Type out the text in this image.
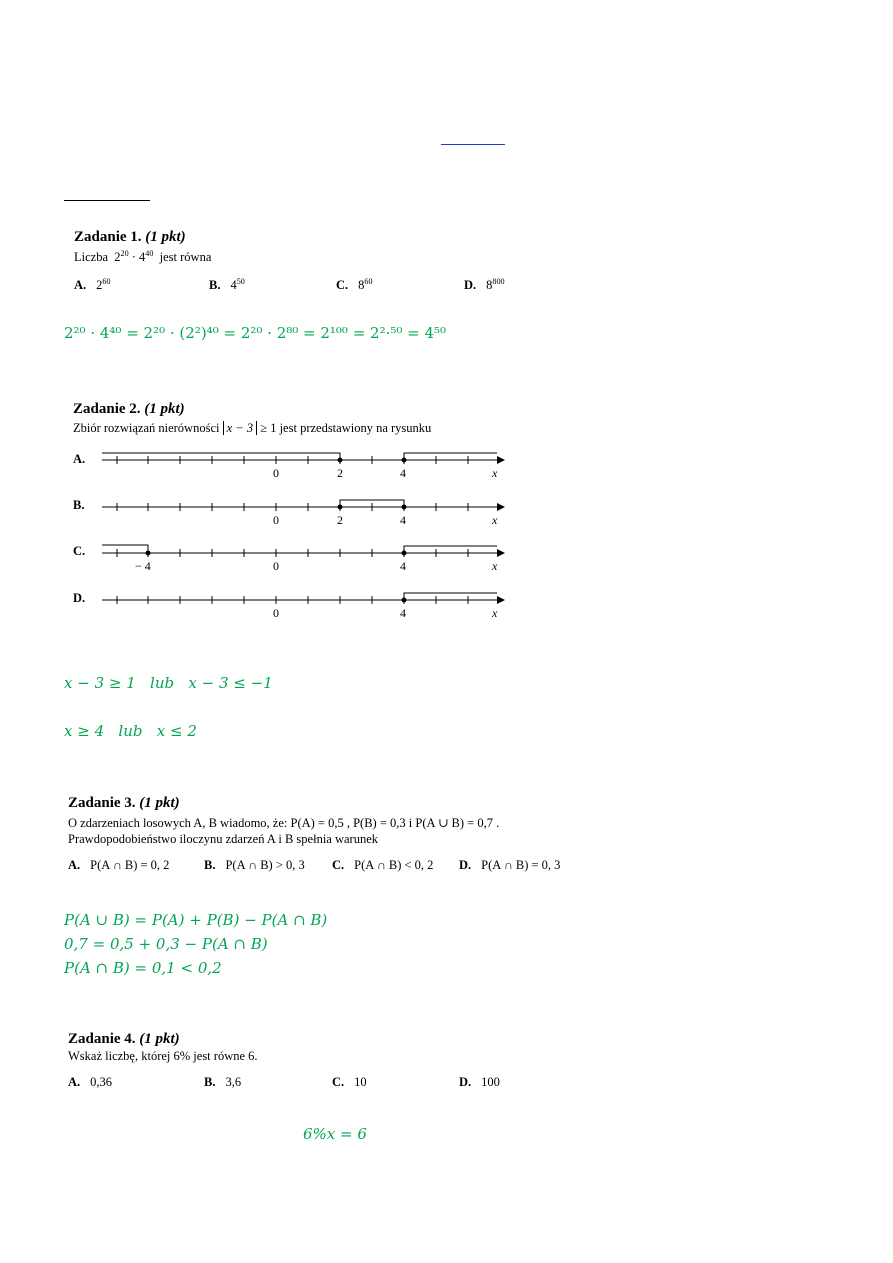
Zadanie 1. (1 pkt)
Liczba  $2^{20} \cdot 4^{40}$ jest równa
A. $2^{60}$	B. $4^{50}$	C. $8^{60}$	D. $8^{800}$
2²⁰ · 4⁴⁰ = 2²⁰ · (2²)⁴⁰ = 2²⁰ · 2⁸⁰ = 2¹⁰⁰ = 2²·⁵⁰ = 4⁵⁰
Zadanie 2. (1 pkt)
Zbiór rozwiązań nierówności x − 3 ≥ 1 jest przedstawiony na rysunku
A.
0	2	4	x
B.
0	2	4	x
C.
− 4	0	4	x
D.
0	4	x
x − 3 ≥ 1   lub   x − 3 ≤ −1
x ≥ 4   lub   x ≤ 2
Zadanie 3. (1 pkt)
O zdarzeniach losowych A, B wiadomo, że: P(A) = 0,5 , P(B) = 0,3 i P(A ∪ B) = 0,7 .
Prawdopodobieństwo iloczynu zdarzeń A i B spełnia warunek
A. P(A ∩ B) = 0, 2	B. P(A ∩ B) > 0, 3 C. P(A ∩ B) < 0, 2 D. P(A ∩ B) = 0, 3
P(A ∪ B) = P(A) + P(B) − P(A ∩ B)
0,7 = 0,5 + 0,3 − P(A ∩ B)
P(A ∩ B) = 0,1 < 0,2
Zadanie 4. (1 pkt)
Wskaż liczbę, której 6% jest równe 6.
A. 0,36	B. 3,6	C. 10	D. 100
6%x = 6
